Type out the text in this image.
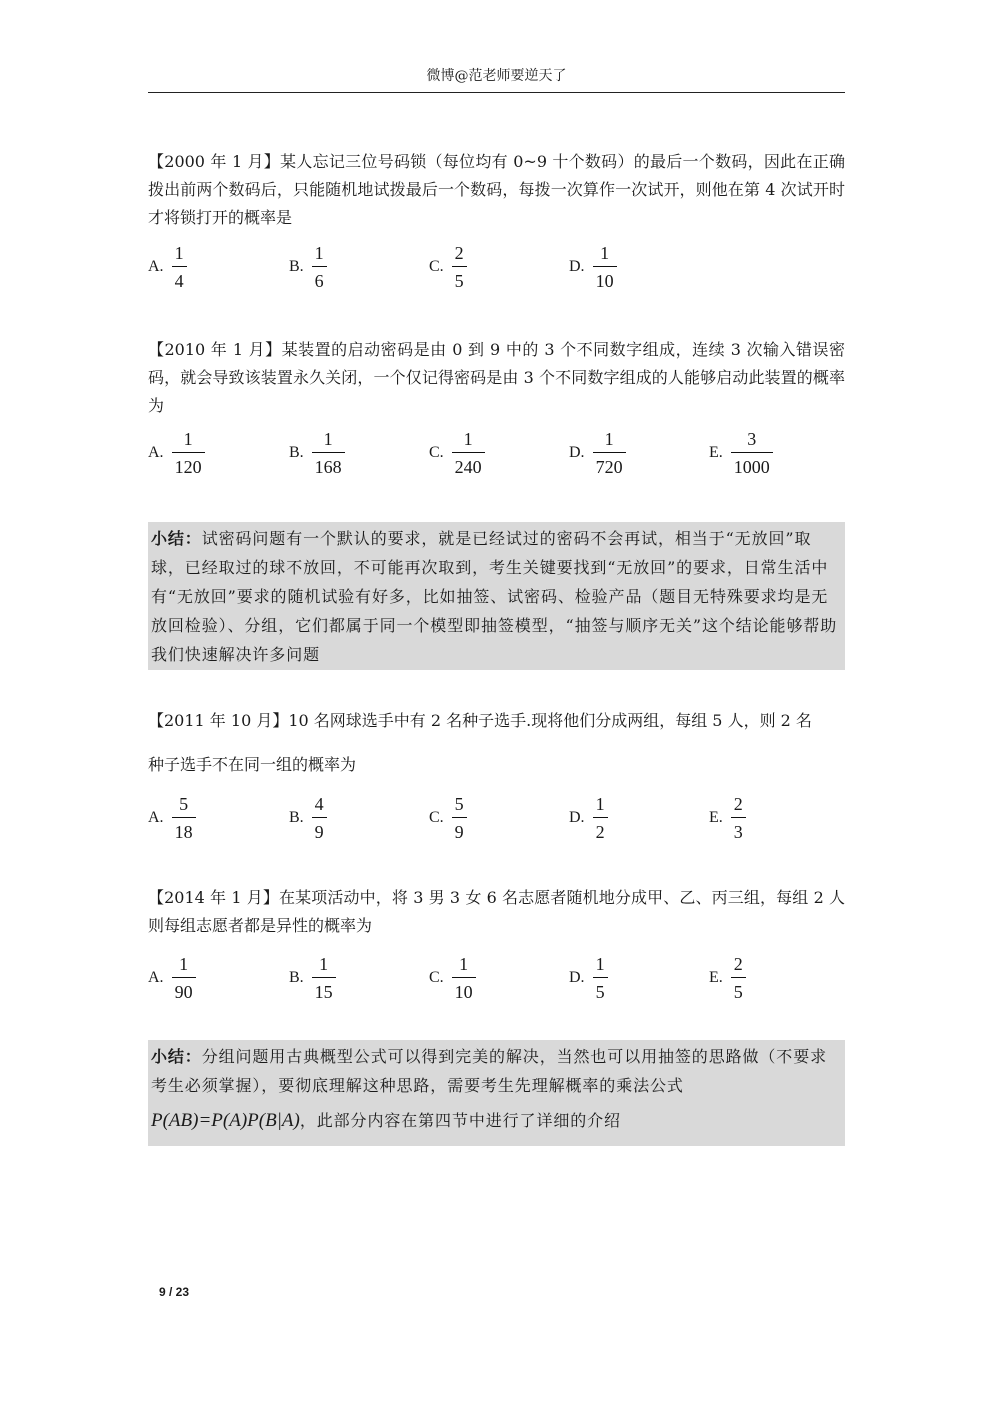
微博@范老师要逆天了
【2000 年 1 月】某人忘记三位号码锁（每位均有 0~9 十个数码）的最后一个数码，因此在正确拨出前两个数码后，只能随机地试拨最后一个数码，每拨一次算作一次试开，则他在第 4 次试开时才将锁打开的概率是
A. $\frac{1}{4}$	B. $\frac{1}{6}$	C. $\frac{2}{5}$	D. $\frac{1}{10}$
【2010 年 1 月】某装置的启动密码是由 0 到 9 中的 3 个不同数字组成，连续 3 次输入错误密码，就会导致该装置永久关闭，一个仅记得密码是由 3 个不同数字组成的人能够启动此装置的概率为
A. $\frac{1}{120}$	B. $\frac{1}{168}$	C. $\frac{1}{240}$	D. $\frac{1}{720}$	E. $\frac{3}{1000}$
小结：试密码问题有一个默认的要求，就是已经试过的密码不会再试，相当于“无放回”取球，已经取过的球不放回，不可能再次取到，考生关键要找到“无放回”的要求，日常生活中有“无放回”要求的随机试验有好多，比如抽签、试密码、检验产品（题目无特殊要求均是无放回检验）、分组，它们都属于同一个模型即抽签模型，“抽签与顺序无关”这个结论能够帮助我们快速解决许多问题
【2011 年 10 月】10 名网球选手中有 2 名种子选手.现将他们分成两组，每组 5 人，则 2 名
种子选手不在同一组的概率为
A. $\frac{5}{18}$	B. $\frac{4}{9}$	C. $\frac{5}{9}$	D. $\frac{1}{2}$	E. $\frac{2}{3}$
【2014 年 1 月】在某项活动中，将 3 男 3 女 6 名志愿者随机地分成甲、乙、丙三组，每组 2 人则每组志愿者都是异性的概率为
A. $\frac{1}{90}$	B. $\frac{1}{15}$	C. $\frac{1}{10}$	D. $\frac{1}{5}$	E. $\frac{2}{5}$
小结：分组问题用古典概型公式可以得到完美的解决，当然也可以用抽签的思路做（不要求考生必须掌握），要彻底理解这种思路，需要考生先理解概率的乘法公式
P(AB)=P(A)P(B|A)，此部分内容在第四节中进行了详细的介绍
9 / 23
